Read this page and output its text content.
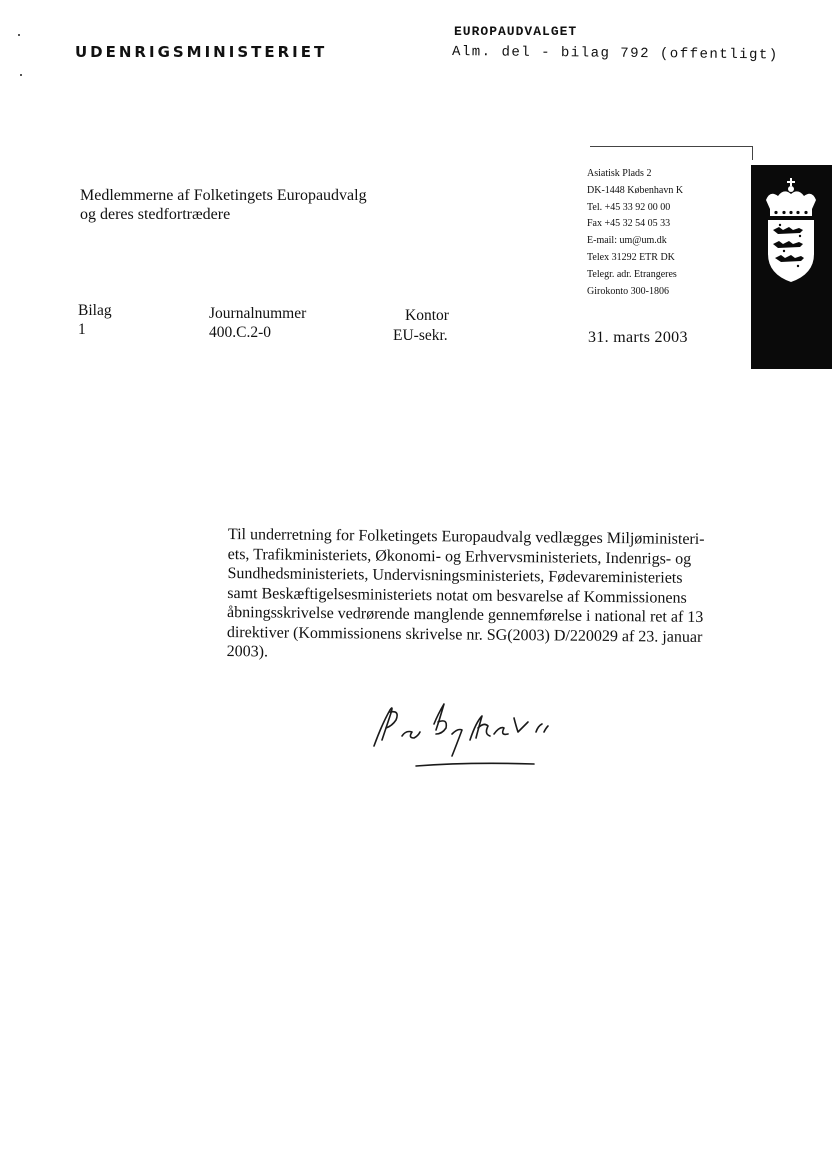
UDENRIGSMINISTERIET
EUROPAUDVALGET
Alm. del - bilag 792 (offentligt)
Medlemmerne af Folketingets Europaudvalg
og deres stedfortrædere
Asiatisk Plads 2
DK-1448 København K
Tel. +45 33 92 00 00
Fax +45 32 54 05 33
E-mail: um@um.dk
Telex 31292 ETR DK
Telegr. adr. Etrangeres
Girokonto 300-1806
Bilag
1
Journalnummer
400.C.2-0
Kontor
EU-sekr.	31. marts 2003
Til underretning for Folketingets Europaudvalg vedlægges Miljøministeri-
ets, Trafikministeriets, Økonomi- og Erhvervsministeriets, Indenrigs- og
Sundhedsministeriets, Undervisningsministeriets, Fødevareministeriets
samt Beskæftigelsesministeriets notat om besvarelse af Kommissionens
åbningsskrivelse vedrørende manglende gennemførelse i national ret af 13
direktiver (Kommissionens skrivelse nr. SG(2003) D/220029 af 23. januar
2003).
